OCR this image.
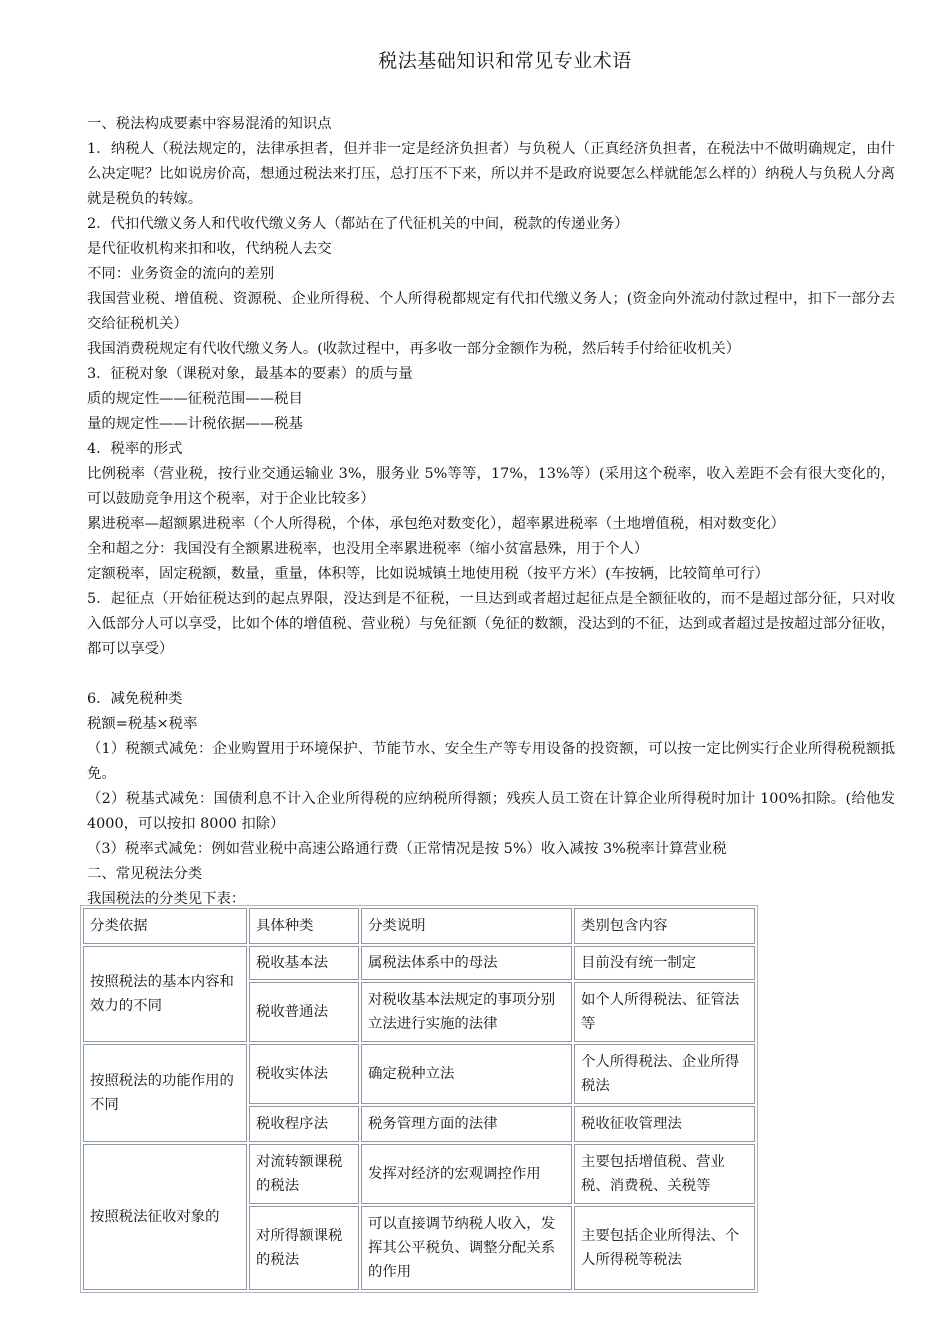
税法基础知识和常见专业术语

一、税法构成要素中容易混淆的知识点

1．纳税人（税法规定的，法律承担者，但并非一定是经济负担者）与负税人（正真经济负担者，在税法中不做明确规定，由什么决定呢？比如说房价高，想通过税法来打压，总打压不下来，所以并不是政府说要怎么样就能怎么样的）纳税人与负税人分离就是税负的转嫁。

2．代扣代缴义务人和代收代缴义务人（都站在了代征机关的中间，税款的传递业务）

是代征收机构来扣和收，代纳税人去交

不同：业务资金的流向的差别

我国营业税、增值税、资源税、企业所得税、个人所得税都规定有代扣代缴义务人；(资金向外流动付款过程中，扣下一部分去交给征税机关）

我国消费税规定有代收代缴义务人。(收款过程中，再多收一部分金额作为税，然后转手付给征收机关）

3．征税对象（课税对象，最基本的要素）的质与量

质的规定性——征税范围——税目

量的规定性——计税依据——税基

4．税率的形式

比例税率（营业税，按行业交通运输业 3%，服务业 5%等等，17%，13%等）(采用这个税率，收入差距不会有很大变化的，可以鼓励竞争用这个税率，对于企业比较多）

累进税率—超额累进税率（个人所得税，个体，承包绝对数变化），超率累进税率（土地增值税，相对数变化）

全和超之分：我国没有全额累进税率，也没用全率累进税率（缩小贫富悬殊，用于个人）

定额税率，固定税额，数量，重量，体积等，比如说城镇土地使用税（按平方米）(车按辆，比较简单可行）

5．起征点（开始征税达到的起点界限，没达到是不征税，一旦达到或者超过起征点是全额征收的，而不是超过部分征，只对收入低部分人可以享受，比如个体的增值税、营业税）与免征额（免征的数额，没达到的不征，达到或者超过是按超过部分征收，都可以享受）

6．减免税种类

税额=税基×税率

（1）税额式减免：企业购置用于环境保护、节能节水、安全生产等专用设备的投资额，可以按一定比例实行企业所得税税额抵免。

（2）税基式减免：国债利息不计入企业所得税的应纳税所得额；残疾人员工资在计算企业所得税时加计 100%扣除。(给他发 4000，可以按扣 8000 扣除）

（3）税率式减免：例如营业税中高速公路通行费（正常情况是按 5%）收入减按 3%税率计算营业税

二、常见税法分类

我国税法的分类见下表：

分类依据	具体种类	分类说明	类别包含内容
按照税法的基本内容和效力的不同	税收基本法	属税法体系中的母法	目前没有统一制定
	税收普通法	对税收基本法规定的事项分别立法进行实施的法律	如个人所得税法、征管法等
按照税法的功能作用的不同	税收实体法	确定税种立法	个人所得税法、企业所得税法
	税收程序法	税务管理方面的法律	税收征收管理法
按照税法征收对象的	对流转额课税的税法	发挥对经济的宏观调控作用	主要包括增值税、营业税、消费税、关税等
	对所得额课税的税法	可以直接调节纳税人收入，发挥其公平税负、调整分配关系的作用	主要包括企业所得法、个人所得税等税法
